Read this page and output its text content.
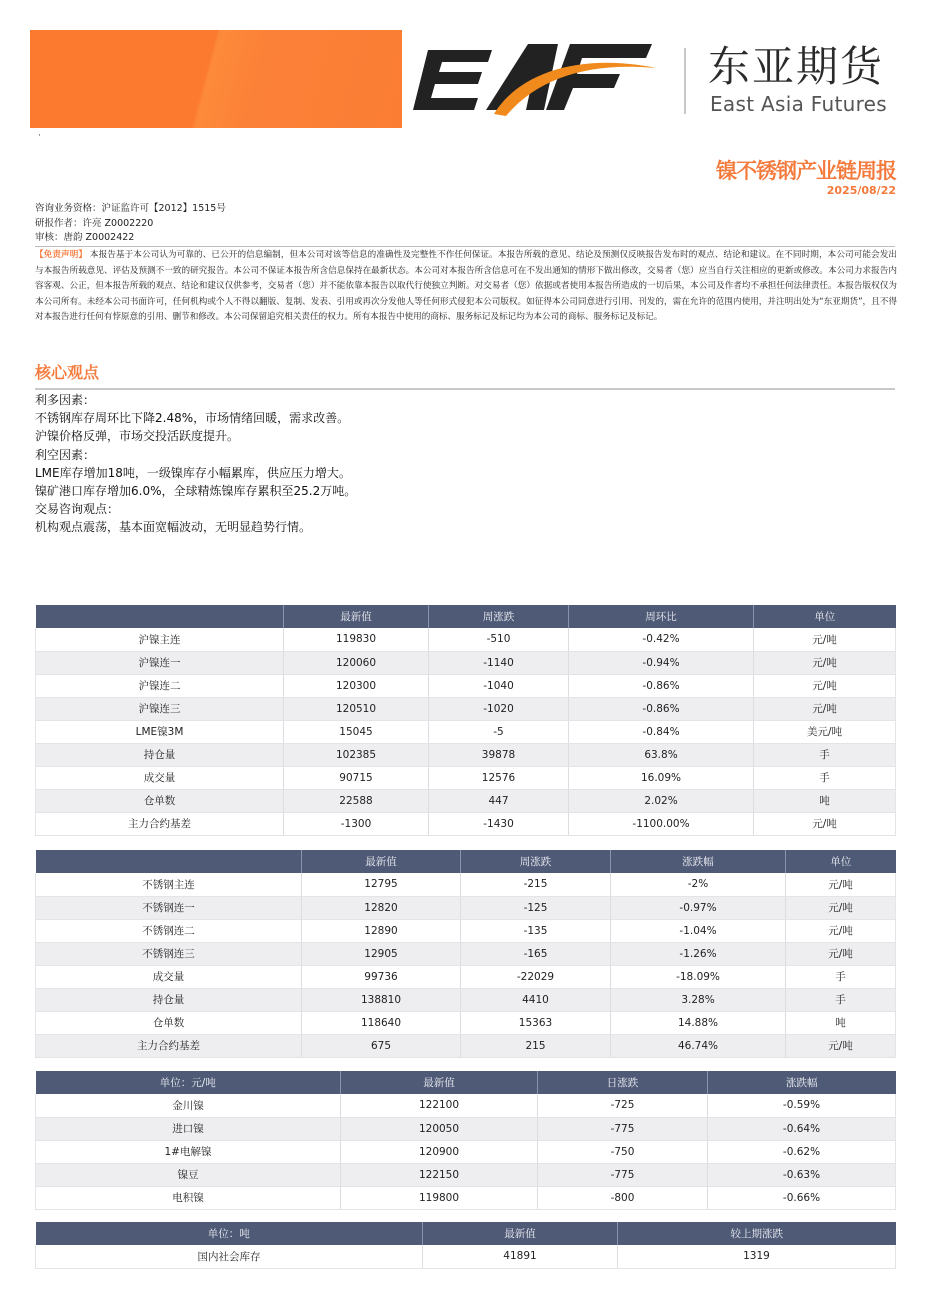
东亚期货
East Asia Futures
·
镍不锈钢产业链周报
2025/08/22
咨询业务资格：沪证监许可【2012】1515号
研报作者：许亮 Z0002220
审核：唐韵 Z0002422
【免责声明】 本报告基于本公司认为可靠的、已公开的信息编制，但本公司对该等信息的准确性及完整性不作任何保证。本报告所载的意见、结论及预测仅反映报告发布时的观点、结论和建议。在不同时期，本公司可能会发出与本报告所载意见、评估及预测不一致的研究报告。本公司不保证本报告所含信息保持在最新状态。本公司对本报告所含信息可在不发出通知的情形下做出修改，交易者（您）应当自行关注相应的更新或修改。本公司力求报告内容客观、公正，但本报告所载的观点、结论和建议仅供参考，交易者（您）并不能依靠本报告以取代行使独立判断。对交易者（您）依据或者使用本报告所造成的一切后果，本公司及作者均不承担任何法律责任。本报告版权仅为本公司所有。未经本公司书面许可，任何机构或个人不得以翻版、复制、发表、引用或再次分发他人等任何形式侵犯本公司版权。如征得本公司同意进行引用、刊发的，需在允许的范围内使用，并注明出处为“东亚期货”，且不得对本报告进行任何有悖原意的引用、删节和修改。本公司保留追究相关责任的权力。所有本报告中使用的商标、服务标记及标记均为本公司的商标、服务标记及标记。
核心观点
利多因素：
不锈钢库存周环比下降2.48%，市场情绪回暖，需求改善。
沪镍价格反弹，市场交投活跃度提升。
利空因素：
LME库存增加18吨，一级镍库存小幅累库，供应压力增大。
镍矿港口库存增加6.0%，全球精炼镍库存累积至25.2万吨。
交易咨询观点：
机构观点震荡，基本面宽幅波动，无明显趋势行情。
	最新值	周涨跌	周环比	单位
沪镍主连	119830	-510	-0.42%	元/吨
沪镍连一	120060	-1140	-0.94%	元/吨
沪镍连二	120300	-1040	-0.86%	元/吨
沪镍连三	120510	-1020	-0.86%	元/吨
LME镍3M	15045	-5	-0.84%	美元/吨
持仓量	102385	39878	63.8%	手
成交量	90715	12576	16.09%	手
仓单数	22588	447	2.02%	吨
主力合约基差	-1300	-1430	-1100.00%	元/吨
	最新值	周涨跌	涨跌幅	单位
不锈钢主连	12795	-215	-2%	元/吨
不锈钢连一	12820	-125	-0.97%	元/吨
不锈钢连二	12890	-135	-1.04%	元/吨
不锈钢连三	12905	-165	-1.26%	元/吨
成交量	99736	-22029	-18.09%	手
持仓量	138810	4410	3.28%	手
仓单数	118640	15363	14.88%	吨
主力合约基差	675	215	46.74%	元/吨
单位：元/吨	最新值	日涨跌	涨跌幅
金川镍	122100	-725	-0.59%
进口镍	120050	-775	-0.64%
1#电解镍	120900	-750	-0.62%
镍豆	122150	-775	-0.63%
电积镍	119800	-800	-0.66%
单位：吨	最新值	较上期涨跌
国内社会库存	41891	1319
